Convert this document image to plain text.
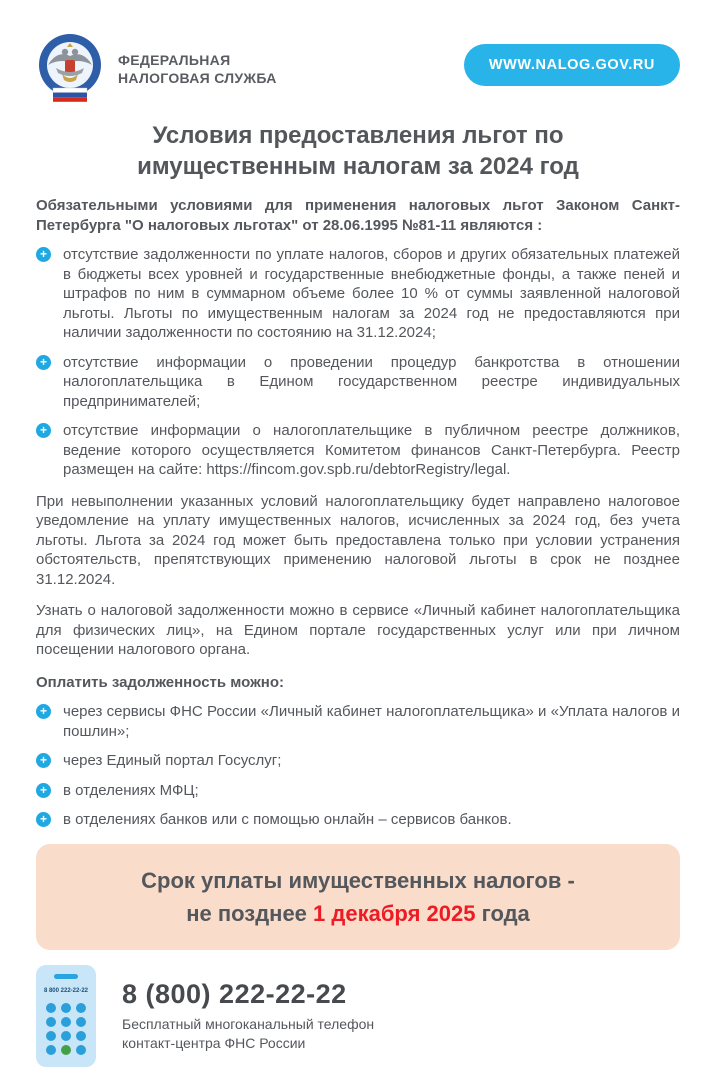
ФЕДЕРАЛЬНАЯ
НАЛОГОВАЯ СЛУЖБА
WWW.NALOG.GOV.RU
Условия предоставления льгот по имущественным налогам за 2024 год

Обязательными условиями для применения налоговых льгот Законом Санкт-Петербурга "О налоговых льготах" от 28.06.1995 №81-11 являются :

+ отсутствие задолженности по уплате налогов, сборов и других обязательных платежей в бюджеты всех уровней и государственные внебюджетные фонды, а также пеней и штрафов по ним в суммарном объеме более 10 % от суммы заявленной налоговой льготы. Льготы по имущественным налогам за 2024 год не предоставляются при наличии задолженности по состоянию на 31.12.2024;

+ отсутствие информации о проведении процедур банкротства в отношении налогоплательщика в Едином государственном реестре индивидуальных предпринимателей;

+ отсутствие информации о налогоплательщике в публичном реестре должников, ведение которого осуществляется Комитетом финансов Санкт-Петербурга. Реестр размещен на сайте: https://fincom.gov.spb.ru/debtorRegistry/legal.

При невыполнении указанных условий налогоплательщику будет направлено налоговое уведомление на уплату имущественных налогов, исчисленных за 2024 год, без учета льготы. Льгота за 2024 год может быть предоставлена только при условии устранения обстоятельств, препятствующих применению налоговой льготы в срок не позднее 31.12.2024.

Узнать о налоговой задолженности можно в сервисе «Личный кабинет налогоплательщика для физических лиц», на Едином портале государственных услуг или при личном посещении налогового органа.

Оплатить задолженность можно:

+ через сервисы ФНС России «Личный кабинет налогоплательщика» и «Уплата налогов и пошлин»;

+ через Единый портал Госуслуг;

+ в отделениях МФЦ;

+ в отделениях банков или с помощью онлайн – сервисов банков.

Срок уплаты имущественных налогов -
не позднее 1 декабря 2025 года
8 800 222-22-22 8 (800) 222-22-22
Бесплатный многоканальный телефон
контакт-центра ФНС России
